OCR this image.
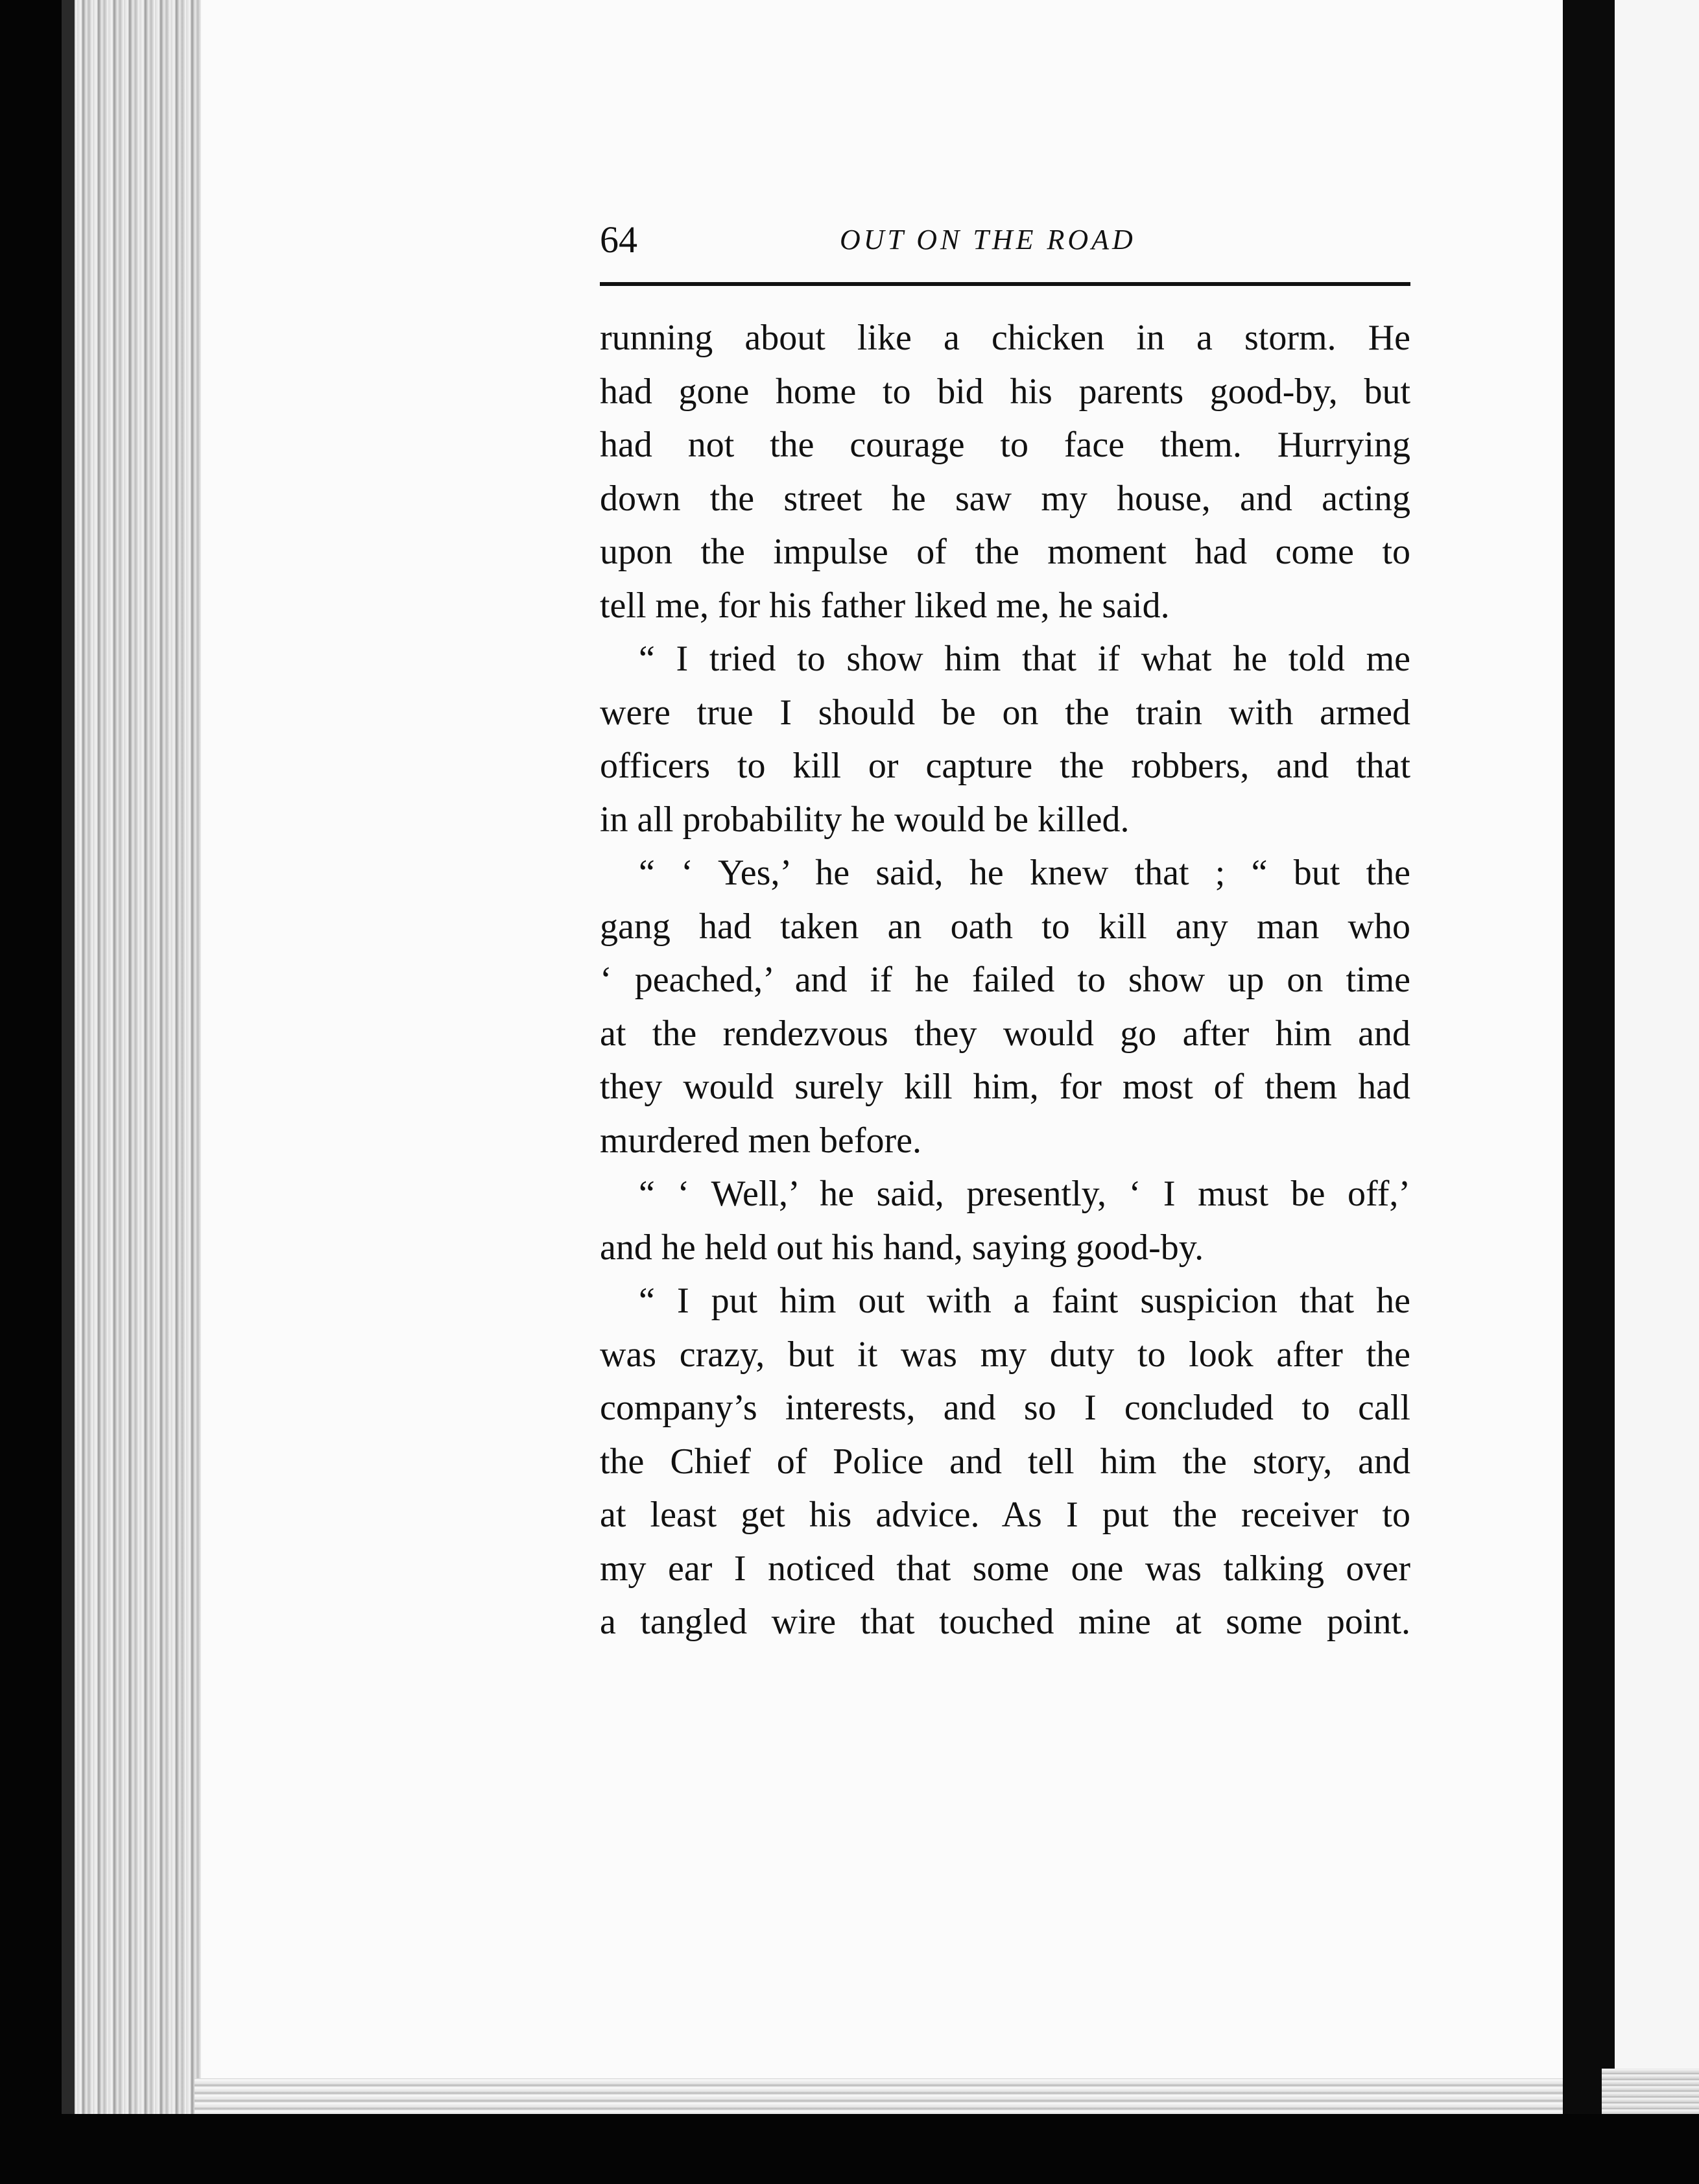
64	OUT ON THE ROAD
running about like a chicken in a storm. He
had gone home to bid his parents good-by, but
had not the courage to face them. Hurrying
down the street he saw my house, and acting
upon the impulse of the moment had come to
tell me, for his father liked me, he said.
“ I tried to show him that if what he told me
were true I should be on the train with armed
officers to kill or capture the robbers, and that
in all probability he would be killed.
“ ‘ Yes,’ he said, he knew that ; “ but the
gang had taken an oath to kill any man who
‘ peached,’ and if he failed to show up on time
at the rendezvous they would go after him and
they would surely kill him, for most of them had
murdered men before.
“ ‘ Well,’ he said, presently, ‘ I must be off,’
and he held out his hand, saying good-by.
“ I put him out with a faint suspicion that he
was crazy, but it was my duty to look after the
company’s interests, and so I concluded to call
the Chief of Police and tell him the story, and
at least get his advice. As I put the receiver to
my ear I noticed that some one was talking over
a tangled wire that touched mine at some point.
